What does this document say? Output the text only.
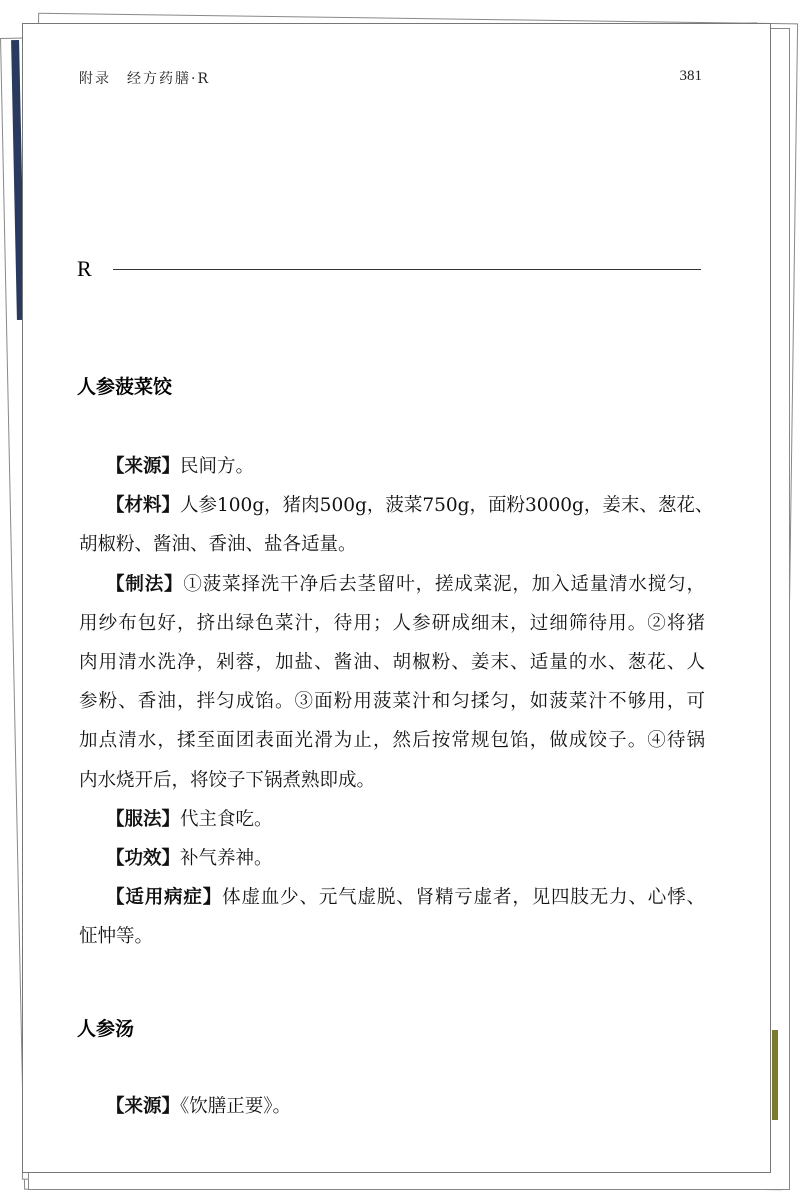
附录　经方药膳·R	381
R
人参菠菜饺

【来源】民间方。

【材料】人参100g，猪肉500g，菠菜750g，面粉3000g，姜末、葱花、

胡椒粉、酱油、香油、盐各适量。

【制法】①菠菜择洗干净后去茎留叶，搓成菜泥，加入适量清水搅匀，

用纱布包好，挤出绿色菜汁，待用；人参研成细末，过细筛待用。②将猪

肉用清水洗净，剁蓉，加盐、酱油、胡椒粉、姜末、适量的水、葱花、人

参粉、香油，拌匀成馅。③面粉用菠菜汁和匀揉匀，如菠菜汁不够用，可

加点清水，揉至面团表面光滑为止，然后按常规包馅，做成饺子。④待锅

内水烧开后，将饺子下锅煮熟即成。

【服法】代主食吃。

【功效】补气养神。

【适用病症】体虚血少、元气虚脱、肾精亏虚者，见四肢无力、心悸、

怔忡等。

人参汤

【来源】《饮膳正要》。
